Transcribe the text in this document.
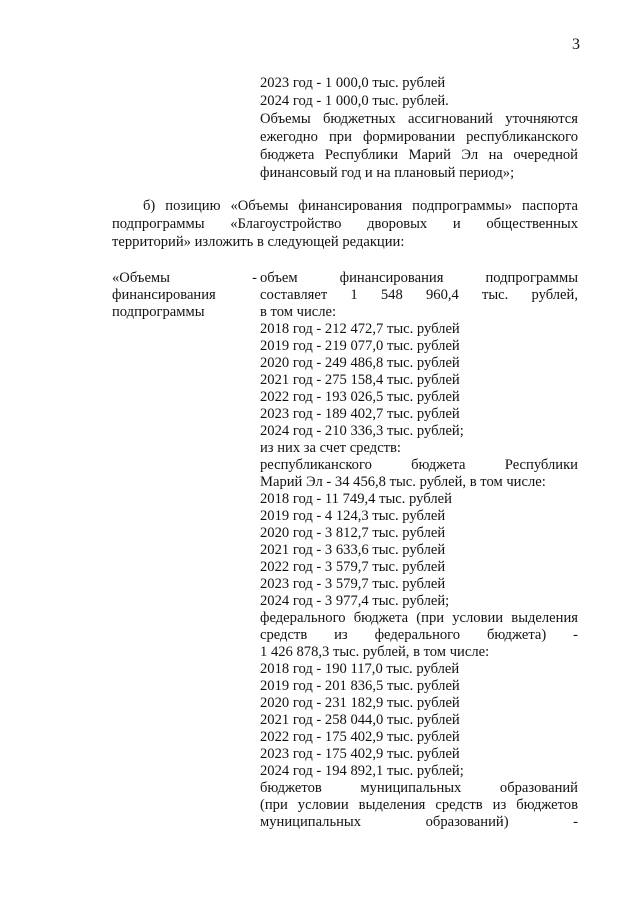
3
2023 год - 1 000,0 тыс. рублей
2024 год - 1 000,0 тыс. рублей.
Объемы бюджетных ассигнований уточняются
ежегодно при формировании республиканского
бюджета Республики Марий Эл на очередной
финансовый год и на плановый период»;
б) позицию «Объемы финансирования подпрограммы» паспорта
подпрограммы «Благоустройство дворовых и общественных
территорий» изложить в следующей редакции:
«Объемы -
финансирования
подпрограммы
объем финансирования подпрограммы
составляет 1 548 960,4 тыс. рублей,
в том числе:
2018 год - 212 472,7 тыс. рублей
2019 год - 219 077,0 тыс. рублей
2020 год - 249 486,8 тыс. рублей
2021 год - 275 158,4 тыс. рублей
2022 год - 193 026,5 тыс. рублей
2023 год - 189 402,7 тыс. рублей
2024 год - 210 336,3 тыс. рублей;
из них за счет средств:
республиканского бюджета Республики
Марий Эл - 34 456,8 тыс. рублей, в том числе:
2018 год - 11 749,4 тыс. рублей
2019 год - 4 124,3 тыс. рублей
2020 год - 3 812,7 тыс. рублей
2021 год - 3 633,6 тыс. рублей
2022 год - 3 579,7 тыс. рублей
2023 год - 3 579,7 тыс. рублей
2024 год - 3 977,4 тыс. рублей;
федерального бюджета (при условии выделения
средств из федерального бюджета) -
1 426 878,3 тыс. рублей, в том числе:
2018 год - 190 117,0 тыс. рублей
2019 год - 201 836,5 тыс. рублей
2020 год - 231 182,9 тыс. рублей
2021 год - 258 044,0 тыс. рублей
2022 год - 175 402,9 тыс. рублей
2023 год - 175 402,9 тыс. рублей
2024 год - 194 892,1 тыс. рублей;
бюджетов муниципальных образований
(при условии выделения средств из бюджетов
муниципальных образований) -
